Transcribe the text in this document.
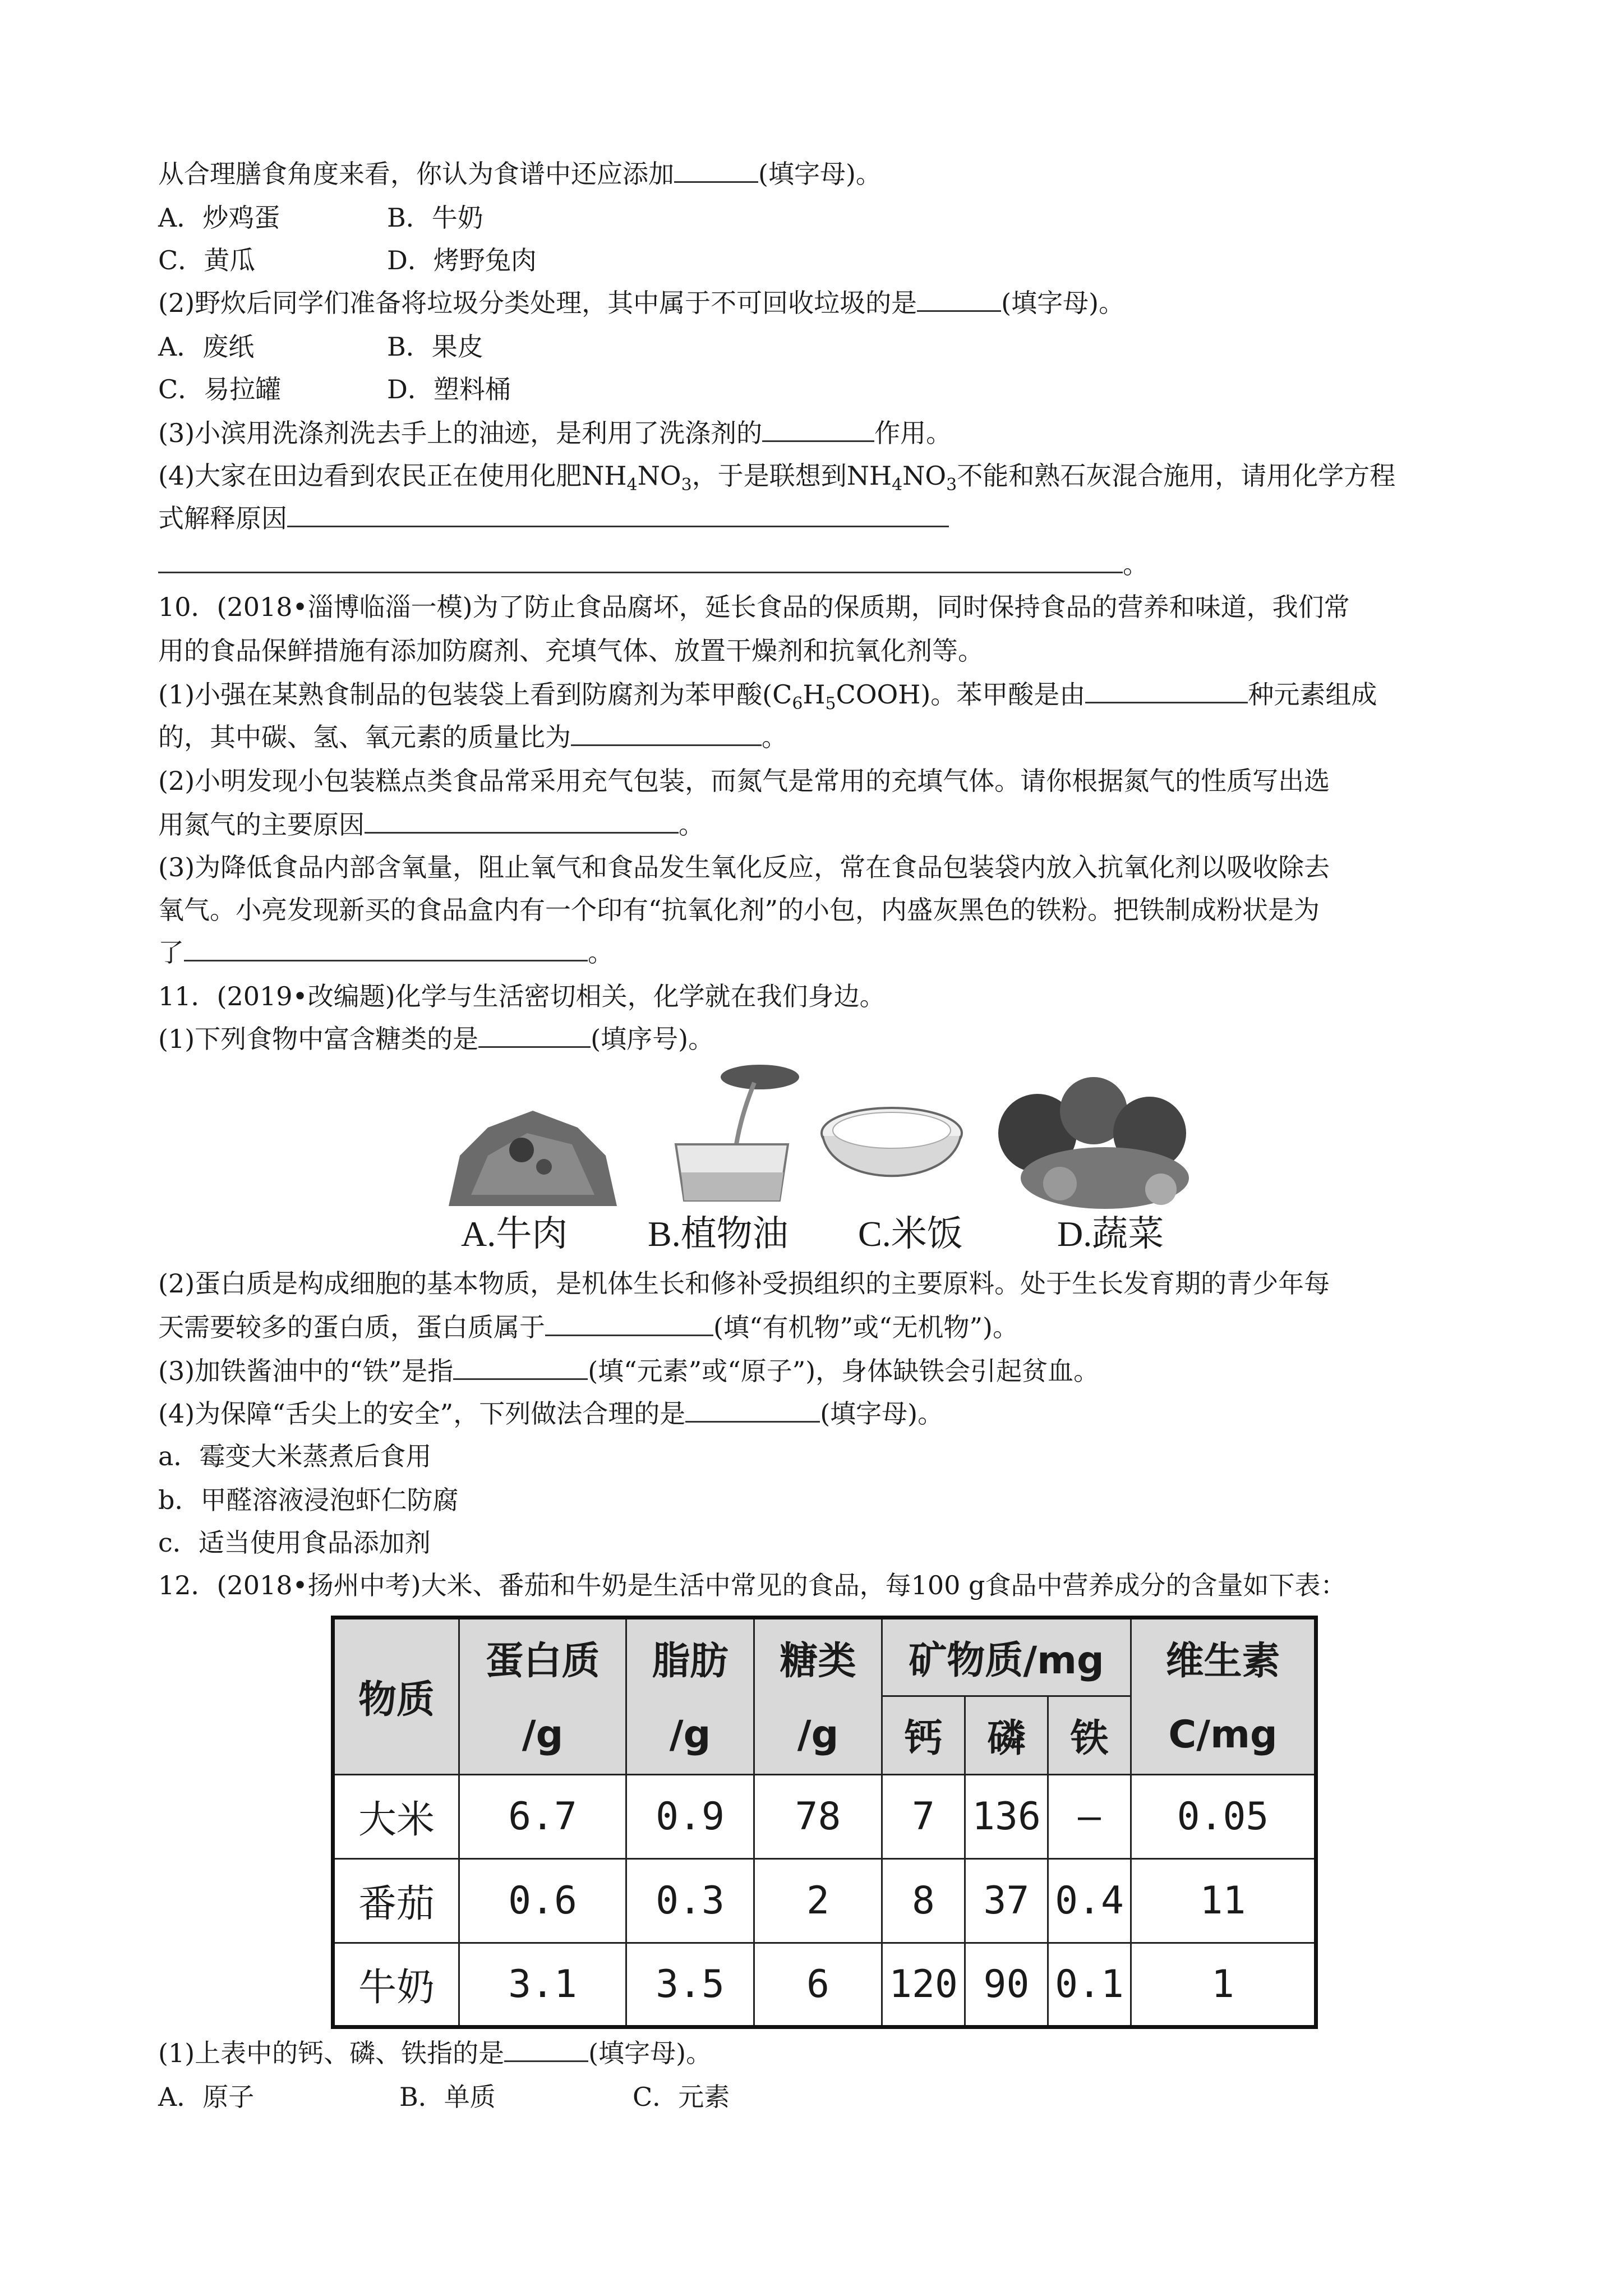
从合理膳食角度来看，你认为食谱中还应添加	(填字母)。
A．炒鸡蛋	B．牛奶
C．黄瓜	D．烤野兔肉
(2)野炊后同学们准备将垃圾分类处理，其中属于不可回收垃圾的是	(填字母)。
A．废纸	B．果皮
C．易拉罐	D．塑料桶
(3)小滨用洗涤剂洗去手上的油迹，是利用了洗涤剂的	作用。
(4)大家在田边看到农民正在使用化肥$NH_4NO_3$，于是联想到$NH_4NO_3$不能和熟石灰混合施用，请用化学方程
式解释原因
。
10．(2018•淄博临淄一模)为了防止食品腐坏，延长食品的保质期，同时保持食品的营养和味道，我们常
用的食品保鲜措施有添加防腐剂、充填气体、放置干燥剂和抗氧化剂等。
(1)小强在某熟食制品的包装袋上看到防腐剂为苯甲酸$(C_6H_5COOH)$。苯甲酸是由	种元素组成
的，其中碳、氢、氧元素的质量比为	。
(2)小明发现小包装糕点类食品常采用充气包装，而氮气是常用的充填气体。请你根据氮气的性质写出选
用氮气的主要原因	。
(3)为降低食品内部含氧量，阻止氧气和食品发生氧化反应，常在食品包装袋内放入抗氧化剂以吸收除去
氧气。小亮发现新买的食品盒内有一个印有“抗氧化剂”的小包，内盛灰黑色的铁粉。把铁制成粉状是为
了	。
11．(2019•改编题)化学与生活密切相关，化学就在我们身边。
(1)下列食物中富含糖类的是	(填序号)。
A.牛肉 B.植物油 C.米饭	D.蔬菜
(2)蛋白质是构成细胞的基本物质，是机体生长和修补受损组织的主要原料。处于生长发育期的青少年每
天需要较多的蛋白质，蛋白质属于	(填“有机物”或“无机物”)。
(3)加铁酱油中的“铁”是指	(填“元素”或“原子”)，身体缺铁会引起贫血。
(4)为保障“舌尖上的安全”，下列做法合理的是	(填字母)。
a．霉变大米蒸煮后食用
b．甲醛溶液浸泡虾仁防腐
c．适当使用食品添加剂
12．(2018•扬州中考)大米、番茄和牛奶是生活中常见的食品，每100 g食品中营养成分的含量如下表：
物质	蛋白质	脂肪	糖类	矿物质/mg			维生素
	/g	/g	/g	钙	磷	铁	C/mg
大米	6.7	0.9	78	7	136	—	0.05
番茄	0.6	0.3	2	8	37	0.4	11
牛奶	3.1	3.5	6	120	90	0.1	1
(1)上表中的钙、磷、铁指的是	(填字母)。
A．原子	B．单质	C．元素
